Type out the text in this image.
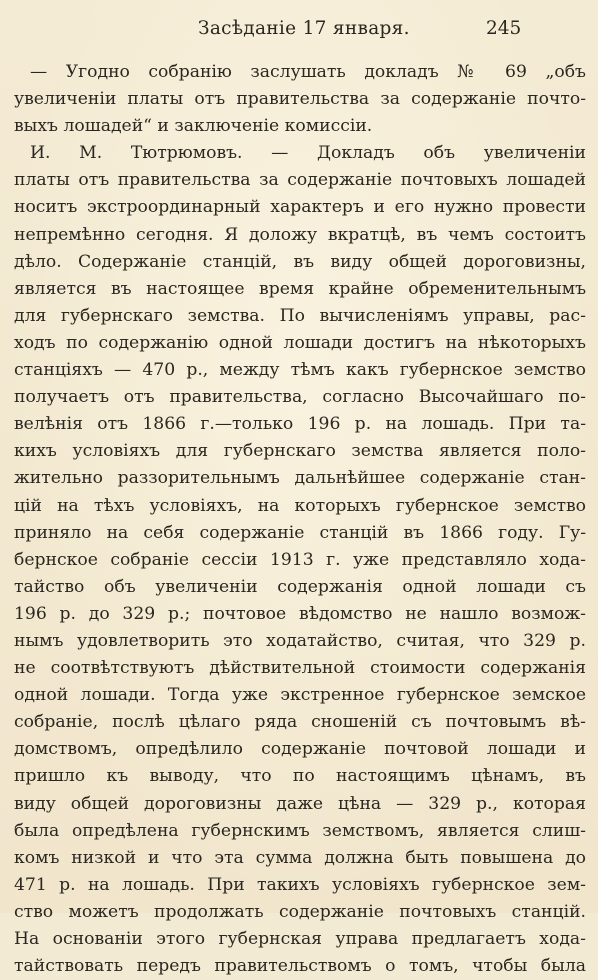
Засѣданіе 17 января.	245
— Угодно собранію заслушать докладъ № 69 „объ
увеличеніи платы отъ правительства за содержаніе почто-
выхъ лошадей“ и заключеніе комиссіи.
И. М. Тютрюмовъ. — Докладъ объ увеличеніи
платы отъ правительства за содержаніе почтовыхъ лошадей
носитъ экстроординарный характеръ и его нужно провести
непремѣнно сегодня. Я доложу вкратцѣ, въ чемъ состоитъ
дѣло. Содержаніе станцій, въ виду общей дороговизны,
является въ настоящее время крайне обременительнымъ
для губернскаго земства. По вычисленіямъ управы, рас-
ходъ по содержанію одной лошади достигъ на нѣкоторыхъ
станціяхъ — 470 р., между тѣмъ какъ губернское земство
получаетъ отъ правительства, согласно Высочайшаго по-
велѣнія отъ 1866 г.—только 196 р. на лошадь. При та-
кихъ условіяхъ для губернскаго земства является поло-
жительно раззорительнымъ дальнѣйшее содержаніе стан-
цій на тѣхъ условіяхъ, на которыхъ губернское земство
приняло на себя содержаніе станцій въ 1866 году. Гу-
бернское собраніе сессіи 1913 г. уже представляло хода-
тайство объ увеличеніи содержанія одной лошади съ
196 р. до 329 р.; почтовое вѣдомство не нашло возмож-
нымъ удовлетворить это ходатайство, считая, что 329 р.
не соотвѣтствуютъ дѣйствительной стоимости содержанія
одной лошади. Тогда уже экстренное губернское земское
собраніе, послѣ цѣлаго ряда сношеній съ почтовымъ вѣ-
домствомъ, опредѣлило содержаніе почтовой лошади и
пришло къ выводу, что по настоящимъ цѣнамъ, въ
виду общей дороговизны даже цѣна — 329 р., которая
была опредѣлена губернскимъ земствомъ, является слиш-
комъ низкой и что эта сумма должна быть повышена до
471 р. на лошадь. При такихъ условіяхъ губернское зем-
ство можетъ продолжать содержаніе почтовыхъ станцій.
На основаніи этого губернская управа предлагаетъ хода-
тайствовать передъ правительствомъ о томъ, чтобы была
